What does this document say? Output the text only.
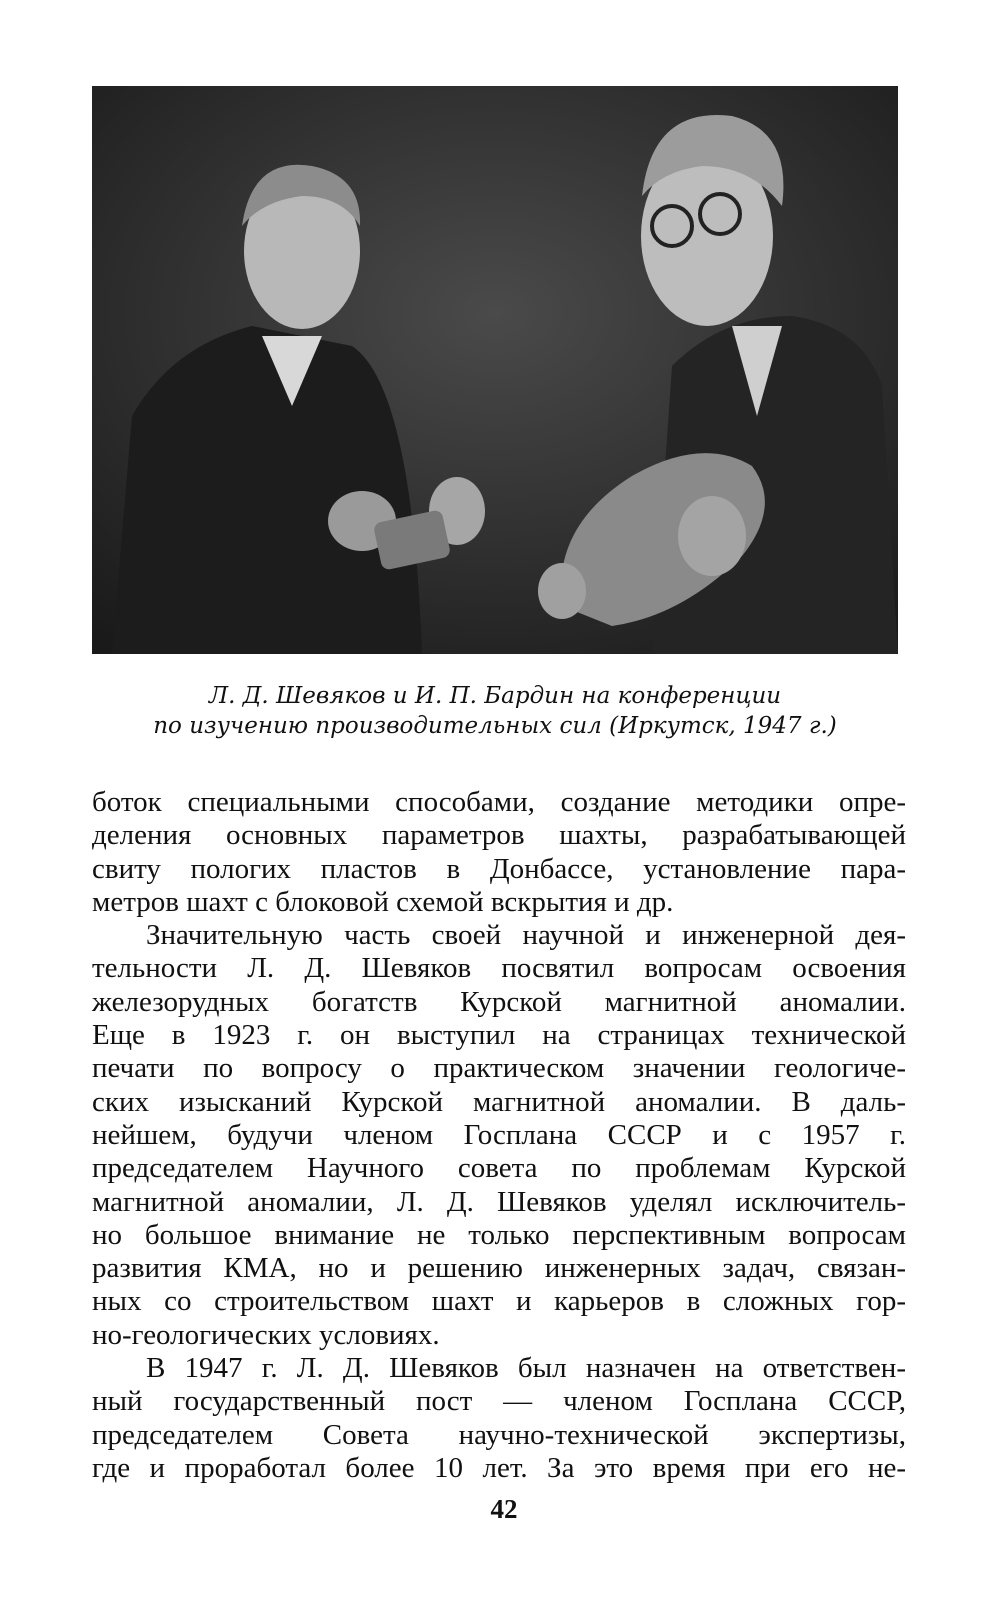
Л. Д. Шевяков и И. П. Бардин на конференции
по изучению производительных сил (Иркутск, 1947 г.)
боток специальными способами, создание методики опре-
деления основных параметров шахты, разрабатывающей
свиту пологих пластов в Донбассе, установление пара-
метров шахт с блоковой схемой вскрытия и др.
Значительную часть своей научной и инженерной дея-
тельности Л. Д. Шевяков посвятил вопросам освоения
железорудных богатств Курской магнитной аномалии.
Еще в 1923 г. он выступил на страницах технической
печати по вопросу о практическом значении геологиче-
ских изысканий Курской магнитной аномалии. В даль-
нейшем, будучи членом Госплана СССР и с 1957 г.
председателем Научного совета по проблемам Курской
магнитной аномалии, Л. Д. Шевяков уделял исключитель-
но большое внимание не только перспективным вопросам
развития КМА, но и решению инженерных задач, связан-
ных со строительством шахт и карьеров в сложных гор-
но-геологических условиях.
В 1947 г. Л. Д. Шевяков был назначен на ответствен-
ный государственный пост — членом Госплана СССР,
председателем Совета научно-технической экспертизы,
где и проработал более 10 лет. За это время при его не-
42
